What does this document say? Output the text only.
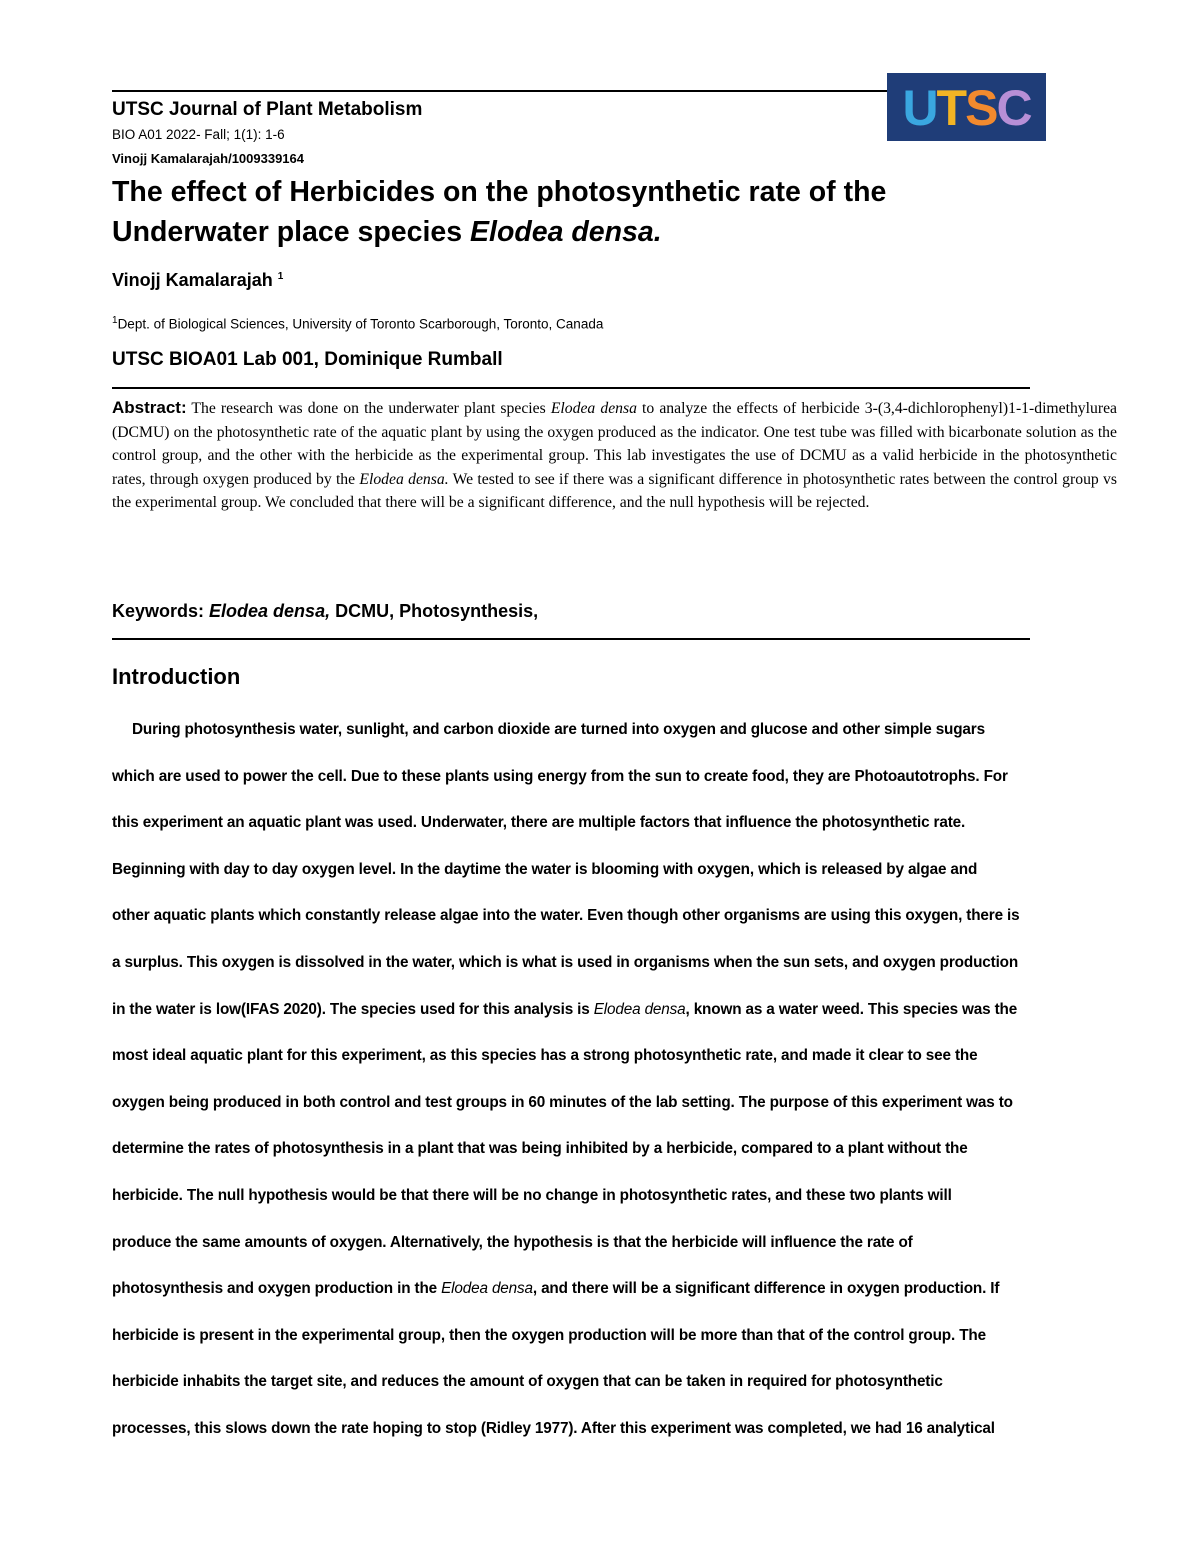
UTSC
UTSC Journal of Plant Metabolism
BIO A01 2022- Fall; 1(1): 1-6
Vinojj Kamalarajah/1009339164
The effect of Herbicides on the photosynthetic rate of the
Underwater place species Elodea densa.
Vinojj Kamalarajah $^1$
$^1$Dept. of Biological Sciences, University of Toronto Scarborough, Toronto, Canada
UTSC BIOA01 Lab 001, Dominique Rumball
Abstract: The research was done on the underwater plant species Elodea densa to analyze the effects of herbicide 3-(3,4-dichlorophenyl)1-1-dimethylurea (DCMU) on the photosynthetic rate of the aquatic plant by using the oxygen produced as the indicator. One test tube was filled with bicarbonate solution as the control group, and the other with the herbicide as the experimental group. This lab investigates the use of DCMU as a valid herbicide in the photosynthetic rates, through oxygen produced by the Elodea densa. We tested to see if there was a significant difference in photosynthetic rates between the control group vs the experimental group. We concluded that there will be a significant difference, and the null hypothesis will be rejected.
Keywords: Elodea densa, DCMU, Photosynthesis,
Introduction
During photosynthesis water, sunlight, and carbon dioxide are turned into oxygen and glucose and other simple sugars
which are used to power the cell. Due to these plants using energy from the sun to create food, they are Photoautotrophs. For
this experiment an aquatic plant was used. Underwater, there are multiple factors that influence the photosynthetic rate.
Beginning with day to day oxygen level. In the daytime the water is blooming with oxygen, which is released by algae and
other aquatic plants which constantly release algae into the water. Even though other organisms are using this oxygen, there is
a surplus. This oxygen is dissolved in the water, which is what is used in organisms when the sun sets, and oxygen production
in the water is low(IFAS 2020). The species used for this analysis is Elodea densa, known as a water weed. This species was the
most ideal aquatic plant for this experiment, as this species has a strong photosynthetic rate, and made it clear to see the
oxygen being produced in both control and test groups in 60 minutes of the lab setting. The purpose of this experiment was to
determine the rates of photosynthesis in a plant that was being inhibited by a herbicide, compared to a plant without the
herbicide. The null hypothesis would be that there will be no change in photosynthetic rates, and these two plants will
produce the same amounts of oxygen. Alternatively, the hypothesis is that the herbicide will influence the rate of
photosynthesis and oxygen production in the Elodea densa, and there will be a significant difference in oxygen production. If
herbicide is present in the experimental group, then the oxygen production will be more than that of the control group. The
herbicide inhabits the target site, and reduces the amount of oxygen that can be taken in required for photosynthetic
processes, this slows down the rate hoping to stop (Ridley 1977). After this experiment was completed, we had 16 analytical
